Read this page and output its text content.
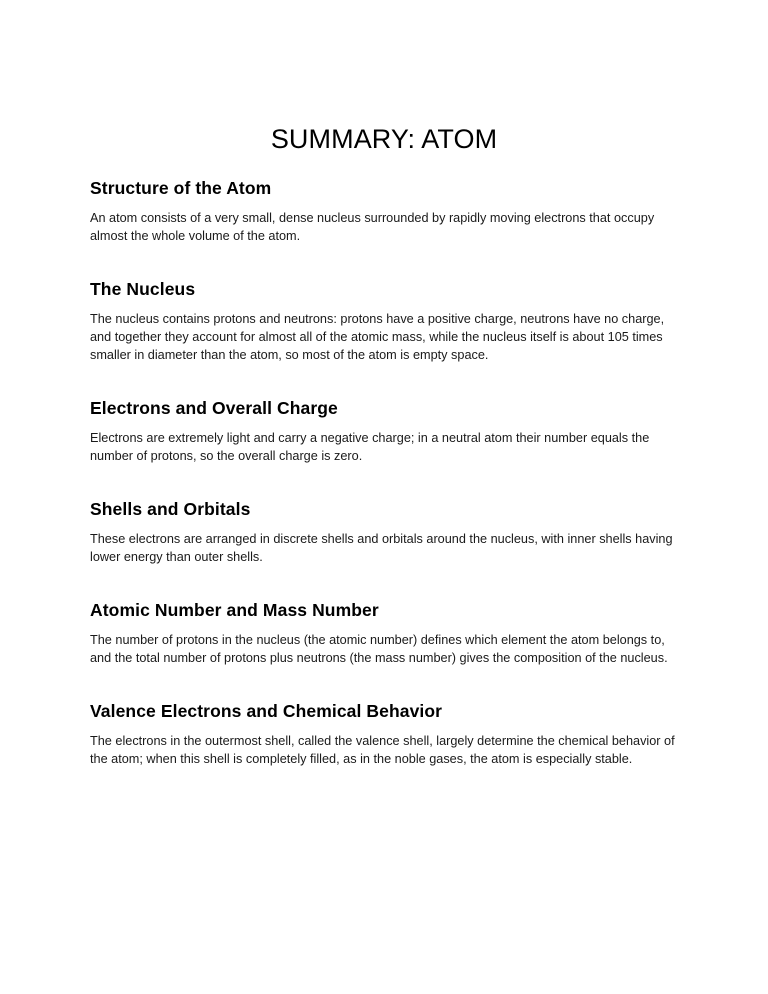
SUMMARY: ATOM
Structure of the Atom

An atom consists of a very small, dense nucleus surrounded by rapidly moving electrons that occupy almost the whole volume of the atom.

The Nucleus

The nucleus contains protons and neutrons: protons have a positive charge, neutrons have no charge, and together they account for almost all of the atomic mass, while the nucleus itself is about 105 times smaller in diameter than the atom, so most of the atom is empty space.

Electrons and Overall Charge

Electrons are extremely light and carry a negative charge; in a neutral atom their number equals the number of protons, so the overall charge is zero.

Shells and Orbitals

These electrons are arranged in discrete shells and orbitals around the nucleus, with inner shells having lower energy than outer shells.

Atomic Number and Mass Number

The number of protons in the nucleus (the atomic number) defines which element the atom belongs to, and the total number of protons plus neutrons (the mass number) gives the composition of the nucleus.

Valence Electrons and Chemical Behavior

The electrons in the outermost shell, called the valence shell, largely determine the chemical behavior of the atom; when this shell is completely filled, as in the noble gases, the atom is especially stable.
